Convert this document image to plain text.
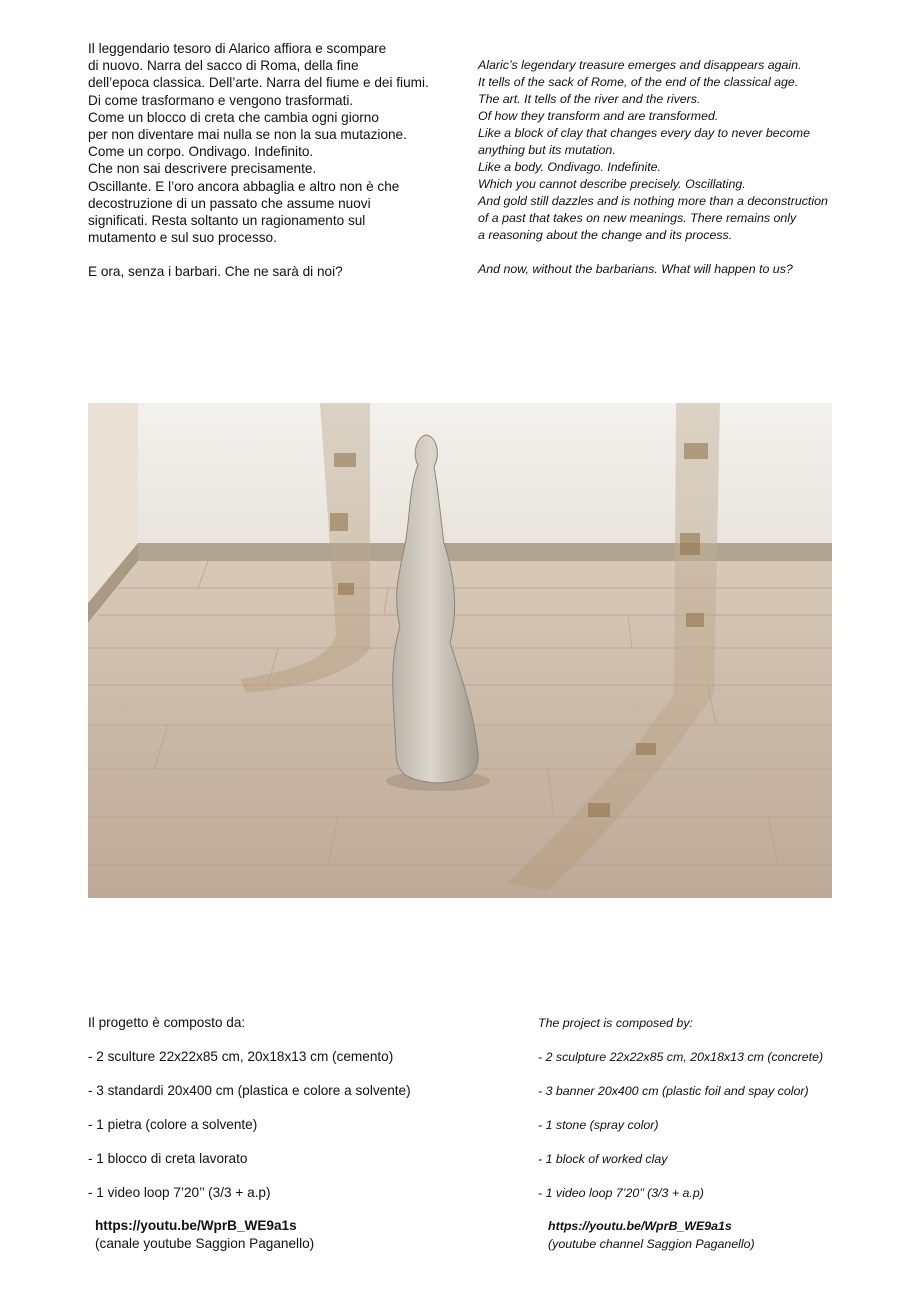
Il leggendario tesoro di Alarico affiora e scompare
di nuovo. Narra del sacco di Roma, della fine
dell’epoca classica. Dell’arte. Narra del fiume e dei fiumi.
Di come trasformano e vengono trasformati.
Come un blocco di creta che cambia ogni giorno
per non diventare mai nulla se non la sua mutazione.
Come un corpo. Ondivago. Indefinito.
Che non sai descrivere precisamente.
Oscillante. E l’oro ancora abbaglia e altro non è che
decostruzione di un passato che assume nuovi
significati. Resta soltanto un ragionamento sul
mutamento e sul suo processo.
E ora, senza i barbari. Che ne sarà di noi?
Alaric’s legendary treasure emerges and disappears again.
It tells of the sack of Rome, of the end of the classical age.
The art. It tells of the river and the rivers.
Of how they transform and are transformed.
Like a block of clay that changes every day to never become
anything but its mutation.
Like a body. Ondivago. Indefinite.
Which you cannot describe precisely. Oscillating.
And gold still dazzles and is nothing more than a deconstruction
of a past that takes on new meanings. There remains only
a reasoning about the change and its process.
And now, without the barbarians. What will happen to us?
Il progetto è composto da:
- 2 sculture 22x22x85 cm, 20x18x13 cm (cemento)
- 3 standardi 20x400 cm (plastica e colore a solvente)
- 1 pietra (colore a solvente)
- 1 blocco di creta lavorato
- 1 video loop 7’20’’ (3/3 + a.p)
The project is composed by:
- 2 sculpture 22x22x85 cm, 20x18x13 cm (concrete)
- 3 banner 20x400 cm (plastic foil and spay color)
- 1 stone (spray color)
- 1 block of worked clay
- 1 video loop 7’20’’ (3/3 + a.p)
https://youtu.be/WprB_WE9a1s
(canale youtube Saggion Paganello)
https://youtu.be/WprB_WE9a1s
(youtube channel Saggion Paganello)
